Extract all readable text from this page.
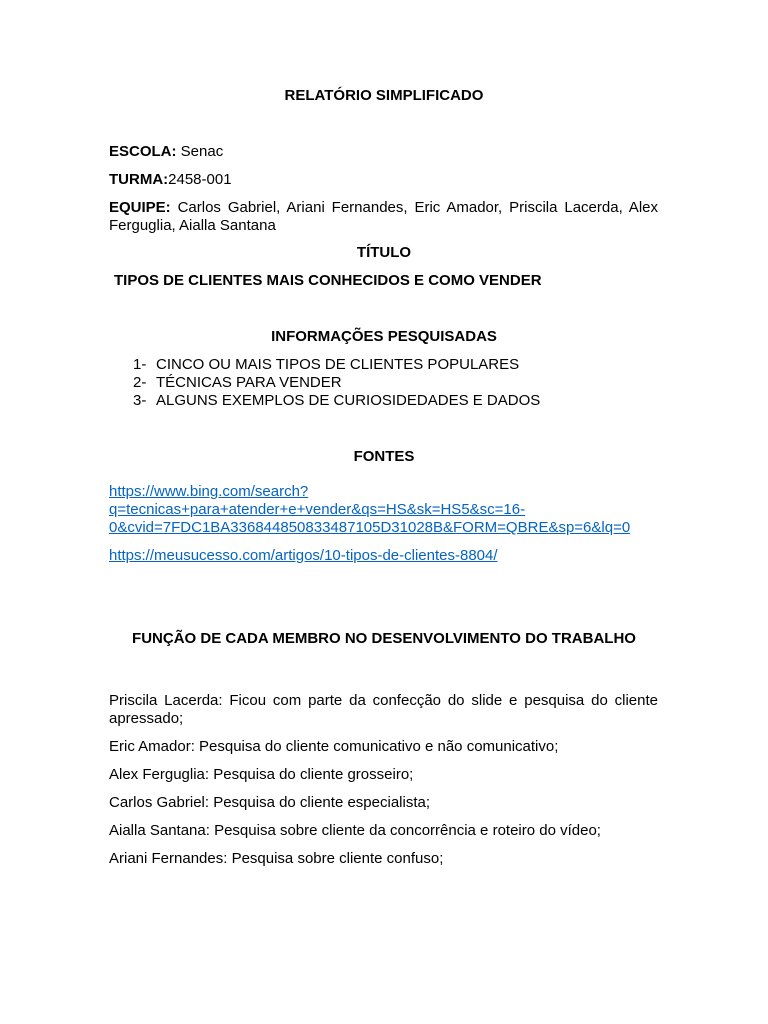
RELATÓRIO SIMPLIFICADO
ESCOLA: Senac
TURMA:2458-001
EQUIPE: Carlos Gabriel, Ariani Fernandes, Eric Amador, Priscila Lacerda, Alex Ferguglia, Aialla Santana
TÍTULO
TIPOS DE CLIENTES MAIS CONHECIDOS E COMO VENDER
INFORMAÇÕES PESQUISADAS
1- CINCO OU MAIS TIPOS DE CLIENTES POPULARES
2- TÉCNICAS PARA VENDER
3- ALGUNS EXEMPLOS DE CURIOSIDEDADES E DADOS
FONTES
https://www.bing.com/search?
q=tecnicas+para+atender+e+vender&qs=HS&sk=HS5&sc=16-
0&cvid=7FDC1BA336844850833487105D31028B&FORM=QBRE&sp=6&lq=0
https://meusucesso.com/artigos/10-tipos-de-clientes-8804/
FUNÇÃO DE CADA MEMBRO NO DESENVOLVIMENTO DO TRABALHO
Priscila Lacerda: Ficou com parte da confecção do slide e pesquisa do cliente apressado;
Eric Amador: Pesquisa do cliente comunicativo e não comunicativo;
Alex Ferguglia: Pesquisa do cliente grosseiro;
Carlos Gabriel: Pesquisa do cliente especialista;
Aialla Santana: Pesquisa sobre cliente da concorrência e roteiro do vídeo;
Ariani Fernandes: Pesquisa sobre cliente confuso;
